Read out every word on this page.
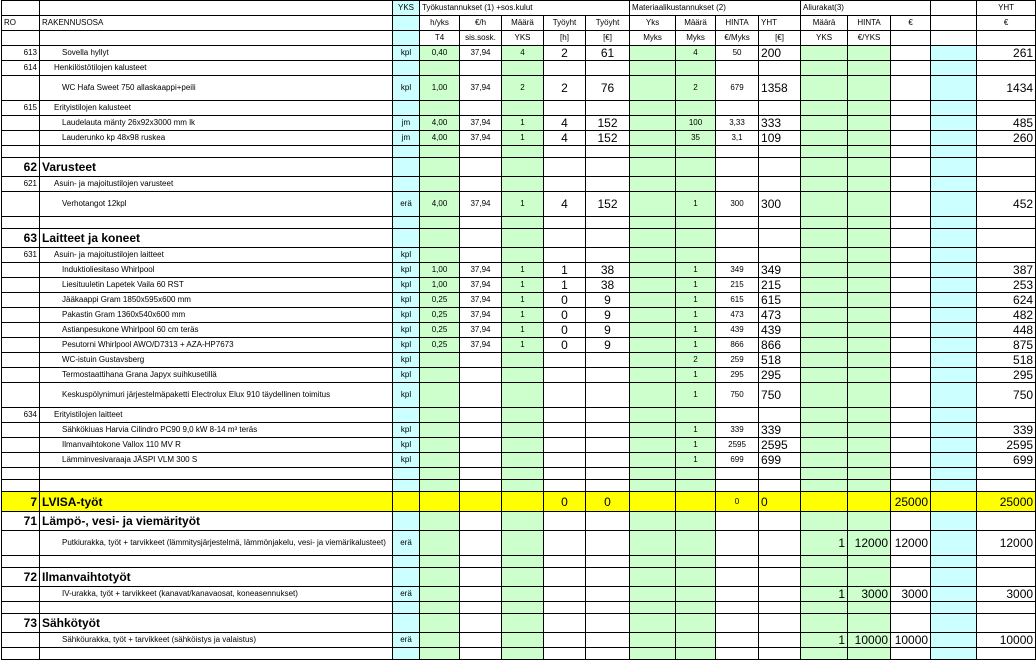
		YKS	Työkustannukset (1) +sos.kulut					Materiaalikustannukset (2)				Aliurakat(3)				YHT
RO	RAKENNUSOSA		h/yks	€/h	Määrä	Työyht	Työyht	Yks	Määrä	HINTA	YHT	Määrä	HINTA	€		€
			T4	sis.sosk.	YKS	[h]	[€]	Myks	Myks	€/Myks	[€]	YKS	€/YKS			
613	Sovella hyllyt	kpl	0,40	37,94	4	2	61		4	50	200					261
614	Henkilöstötilojen kalusteet															
	WC Hafa Sweet 750 allaskaappi+peili	kpl	1,00	37,94	2	2	76		2	679	1358					1434
615	Erityistilojen kalusteet															
	Laudelauta mänty 26x92x3000 mm lk	jm	4,00	37,94	1	4	152		100	3,33	333					485
	Lauderunko kp 48x98 ruskea	jm	4,00	37,94	1	4	152		35	3,1	109					260

62	Varusteet															
621	Asuin- ja majoitustilojen varusteet															
	Verhotangot 12kpl	erä	4,00	37,94	1	4	152		1	300	300					452

63	Laitteet ja koneet															
631	Asuin- ja majoitustilojen laitteet	kpl														
	Induktioliesitaso Whirlpool	kpl	1,00	37,94	1	1	38		1	349	349					387
	Liesituuletin Lapetek Vaila 60 RST	kpl	1,00	37,94	1	1	38		1	215	215					253
	Jääkaappi Gram 1850x595x600 mm	kpl	0,25	37,94	1	0	9		1	615	615					624
	Pakastin Gram 1360x540x600 mm	kpl	0,25	37,94	1	0	9		1	473	473					482
	Astianpesukone Whirlpool 60 cm teräs	kpl	0,25	37,94	1	0	9		1	439	439					448
	Pesutorni Whirlpool AWO/D7313 + AZA-HP7673	kpl	0,25	37,94	1	0	9		1	866	866					875
	WC-istuin Gustavsberg	kpl							2	259	518					518
	Termostaattihana Grana Japyx suihkusetillä	kpl							1	295	295					295
	Keskuspölynimuri järjestelmäpaketti Electrolux Elux 910 täydellinen toimitus	kpl							1	750	750					750
634	Erityistilojen laitteet															
	Sähkökiuas Harvia Cilindro PC90 9,0 kW 8-14 m³ teräs	kpl							1	339	339					339
	Ilmanvaihtokone Vallox 110 MV R	kpl							1	2595	2595					2595
	Lämminvesivaraaja JÄSPI VLM 300 S	kpl							1	699	699					699

7	LVISA-työt					0	0			0	0			25000		25000
71	Lämpö-, vesi- ja viemärityöt															
	Putkiurakka, työt + tarvikkeet (lämmitysjärjestelmä, lämmönjakelu, vesi- ja viemärikalusteet)	erä										1	12000	12000		12000

72	Ilmanvaihtotyöt															
	IV-urakka, työt + tarvikkeet (kanavat/kanavaosat, koneasennukset)	erä										1	3000	3000		3000

73	Sähkötyöt															
	Sähköurakka, työt + tarvikkeet (sähköistys ja valaistus)	erä										1	10000	10000		10000
